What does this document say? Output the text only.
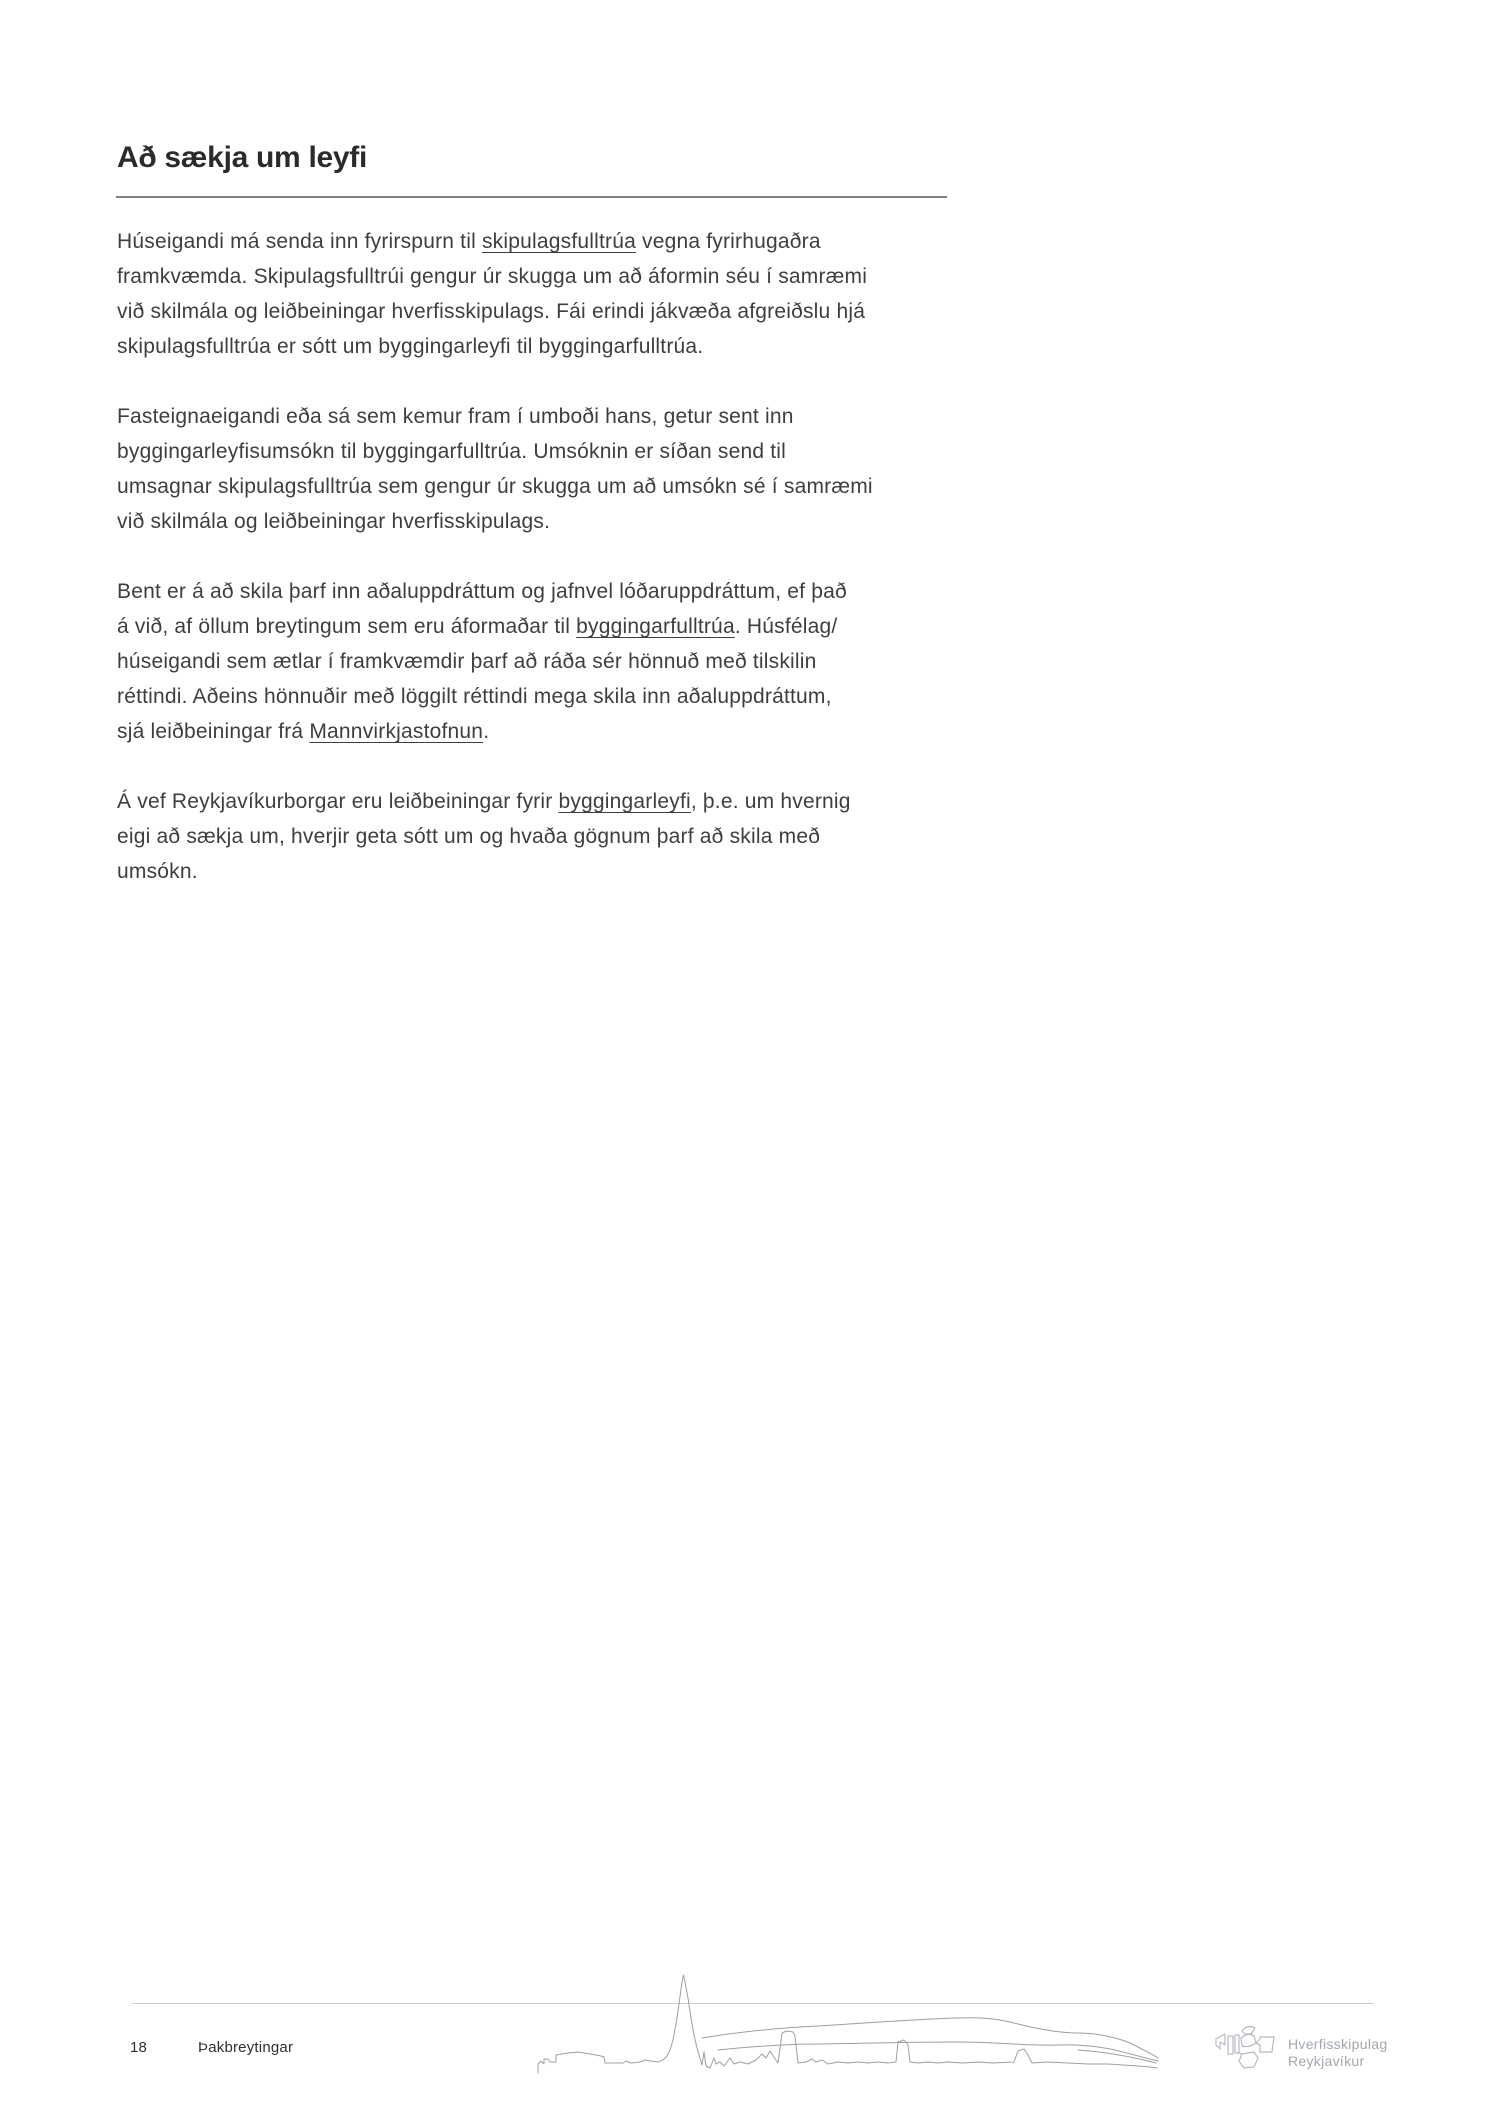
Að sækja um leyfi

Húseigandi má senda inn fyrirspurn til skipulagsfulltrúa vegna fyrirhugaðra
framkvæmda. Skipulagsfulltrúi gengur úr skugga um að áformin séu í samræmi
við skilmála og leiðbeiningar hverfisskipulags. Fái erindi jákvæða afgreiðslu hjá
skipulagsfulltrúa er sótt um byggingarleyfi til byggingarfulltrúa.

Fasteignaeigandi eða sá sem kemur fram í umboði hans, getur sent inn
byggingarleyfisumsókn til byggingarfulltrúa. Umsóknin er síðan send til
umsagnar skipulagsfulltrúa sem gengur úr skugga um að umsókn sé í samræmi
við skilmála og leiðbeiningar hverfisskipulags.

Bent er á að skila þarf inn aðaluppdráttum og jafnvel lóðaruppdráttum, ef það
á við, af öllum breytingum sem eru áformaðar til byggingarfulltrúa. Húsfélag/
húseigandi sem ætlar í framkvæmdir þarf að ráða sér hönnuð með tilskilin
réttindi. Aðeins hönnuðir með löggilt réttindi mega skila inn aðaluppdráttum,
sjá leiðbeiningar frá Mannvirkjastofnun.

Á vef Reykjavíkurborgar eru leiðbeiningar fyrir byggingarleyfi, þ.e. um hvernig
eigi að sækja um, hverjir geta sótt um og hvaða gögnum þarf að skila með
umsókn.

18	Þakbreytingar	Hverfisskipulag
Reykjavíkur
